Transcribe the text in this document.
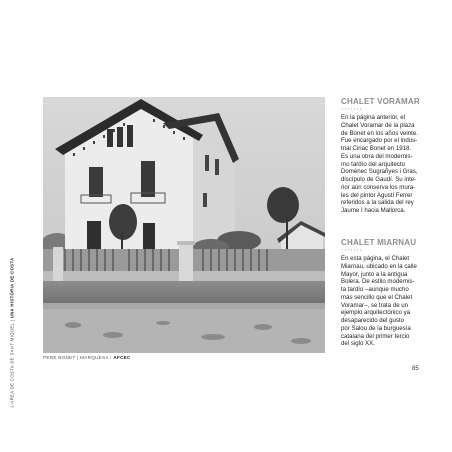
L'ÀREA DE COSTA DE SANT MIQUEL | UNA HISTÒRIA DE COSTA
PERE BONET | MARQUESA / AFCEC
CHALET VORAMAR

En la página anterior, el
Chalet Voramar de la plaza
de Bonet en los años veinte.
Fue encargado por el indus-
trial Ciriac Bonet en 1918.
Es una obra del modernis-
mo tardío del arquitecto
Domènec Sugrañyes i Gras,
discípulo de Gaudí. Su inte-
rior aún conserva los mura-
les del pintor Agustí Ferrer
referidos a la salida del rey
Jaume I hacia Mallorca.

CHALET MIARNAU

En esta página, el Chalet
Miarnau, ubicado en la calle
Mayor, junto a la antigua
Bolera. De estilo modernis-
ta tardío –aunque mucho
más sencillo que el Chalet
Voramar–, se trata de un
ejemplo arquitectónico ya
desaparecido del gusto
por Salou de la burguesía
catalana del primer tercio
del siglo XX.

85
